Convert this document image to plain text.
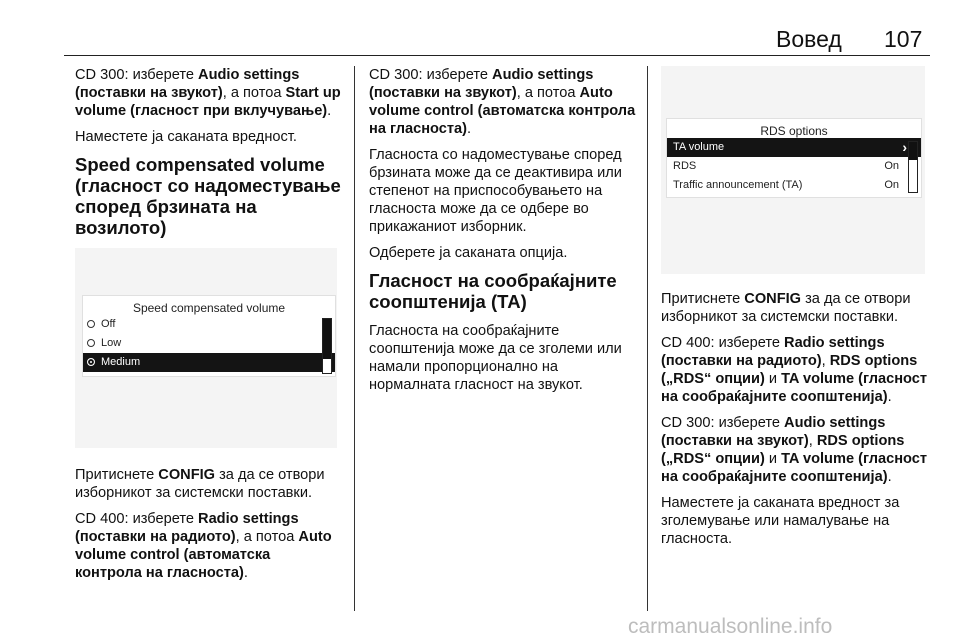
Вовед 107

CD 300: изберете Audio settings (поставки на звукот), а потоа Start up volume (гласност при вклучување).

Наместете ја саканата вредност.

Speed compensated volume (гласност со надоместување според брзината на возилото)
Speed compensated volume
Off
Low
Medium

Притиснете CONFIG за да се отвори изборникот за системски поставки.

CD 400: изберете Radio settings (поставки на радиото), а потоа Auto volume control (автоматска контрола на гласноста).

CD 300: изберете Audio settings (поставки на звукот), а потоа Auto volume control (автоматска контрола на гласноста).

Гласноста со надоместување според брзината може да се деактивира или степенот на приспособувањето на гласноста може да се одбере во прикажаниот изборник.

Одберете ја саканата опција.

Гласност на сообраќајните соопштенија (ТА)

Гласноста на сообраќајните соопштенија може да се зголеми или намали пропорционално на нормалната гласност на звукот.

RDS options
TA volume	›
RDS	On
Traffic announcement (TA)	On

Притиснете CONFIG за да се отвори изборникот за системски поставки.

CD 400: изберете Radio settings (поставки на радиото), RDS options („RDS“ опции) и TA volume (гласност на сообраќајните соопштенија).

CD 300: изберете Audio settings (поставки на звукот), RDS options („RDS“ опции) и TA volume (гласност на сообраќајните соопштенија).

Наместете ја саканата вредност за зголемување или намалување на гласноста.

carmanualsonline.info
